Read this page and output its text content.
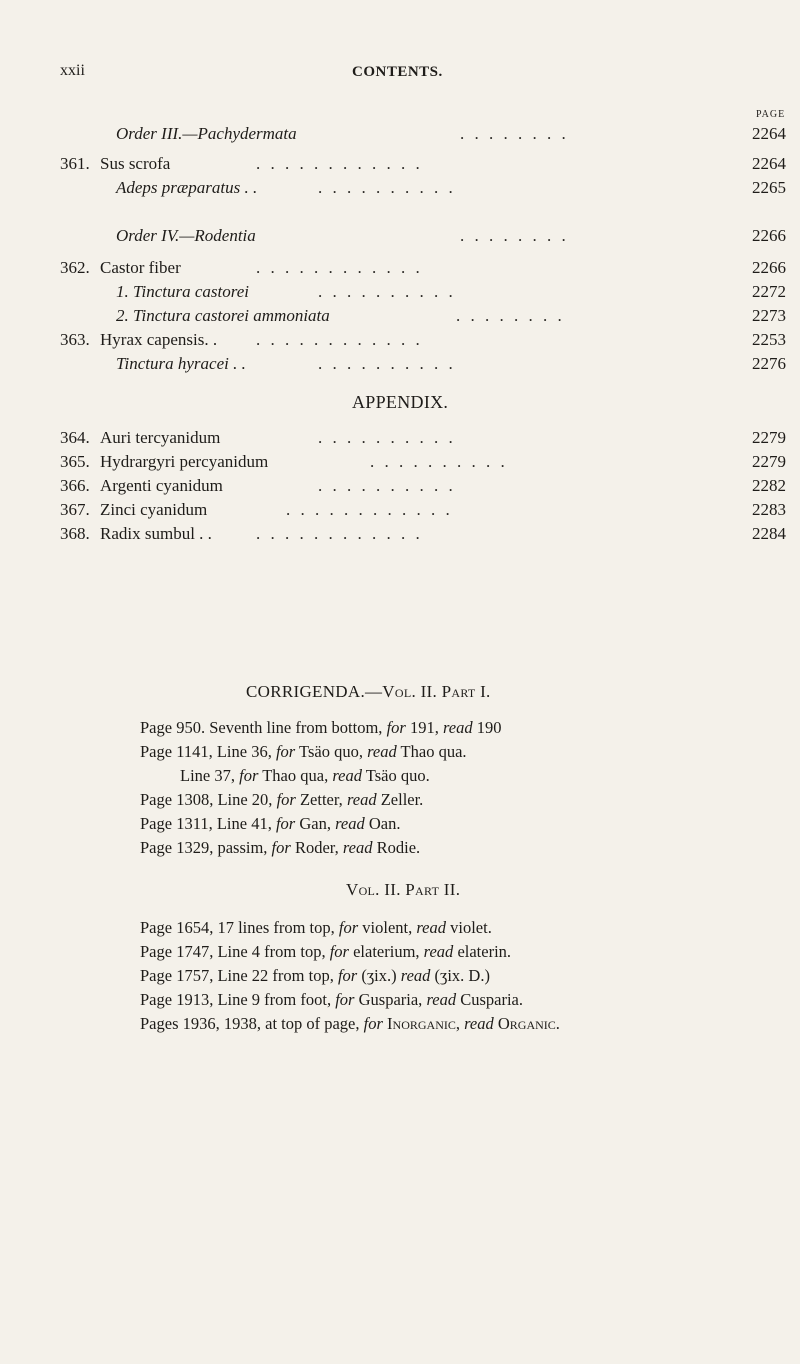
xxii	CONTENTS.
PAGE
Order III.—Pachydermata	. . . . . . . .	2264
361. Sus scrofa	. . . . . . . . . . . .	2264
Adeps præparatus . .	. . . . . . . . . .	2265
Order IV.—Rodentia	. . . . . . . .	2266
362. Castor fiber	. . . . . . . . . . . .	2266
1. Tinctura castorei	. . . . . . . . . .	2272
2. Tinctura castorei ammoniata	. . . . . . . .	2273
363. Hyrax capensis. . . . . . . . . . . . . .	2253
Tinctura hyracei . .	. . . . . . . . . .	2276
APPENDIX.
364. Auri tercyanidum	. . . . . . . . . .	2279
365. Hydrargyri percyanidum	. . . . . . . . . .	2279
366. Argenti cyanidum	. . . . . . . . . .	2282
367. Zinci cyanidum	. . . . . . . . . . . .	2283
368. Radix sumbul . .	. . . . . . . . . . . .	2284
CORRIGENDA.—Vol. II. Part I.
Page 950. Seventh line from bottom, for 191, read 190
Page 1141, Line 36, for Tsäo quo, read Thao qua.
Line 37, for Thao qua, read Tsäo quo.
Page 1308, Line 20, for Zetter, read Zeller.
Page 1311, Line 41, for Gan, read Oan.
Page 1329, passim, for Roder, read Rodie.
Vol. II. Part II.
Page 1654, 17 lines from top, for violent, read violet.
Page 1747, Line 4 from top, for elaterium, read elaterin.
Page 1757, Line 22 from top, for (ʒix.) read (ʒix. D.)
Page 1913, Line 9 from foot, for Gusparia, read Cusparia.
Pages 1936, 1938, at top of page, for Inorganic, read Organic.
